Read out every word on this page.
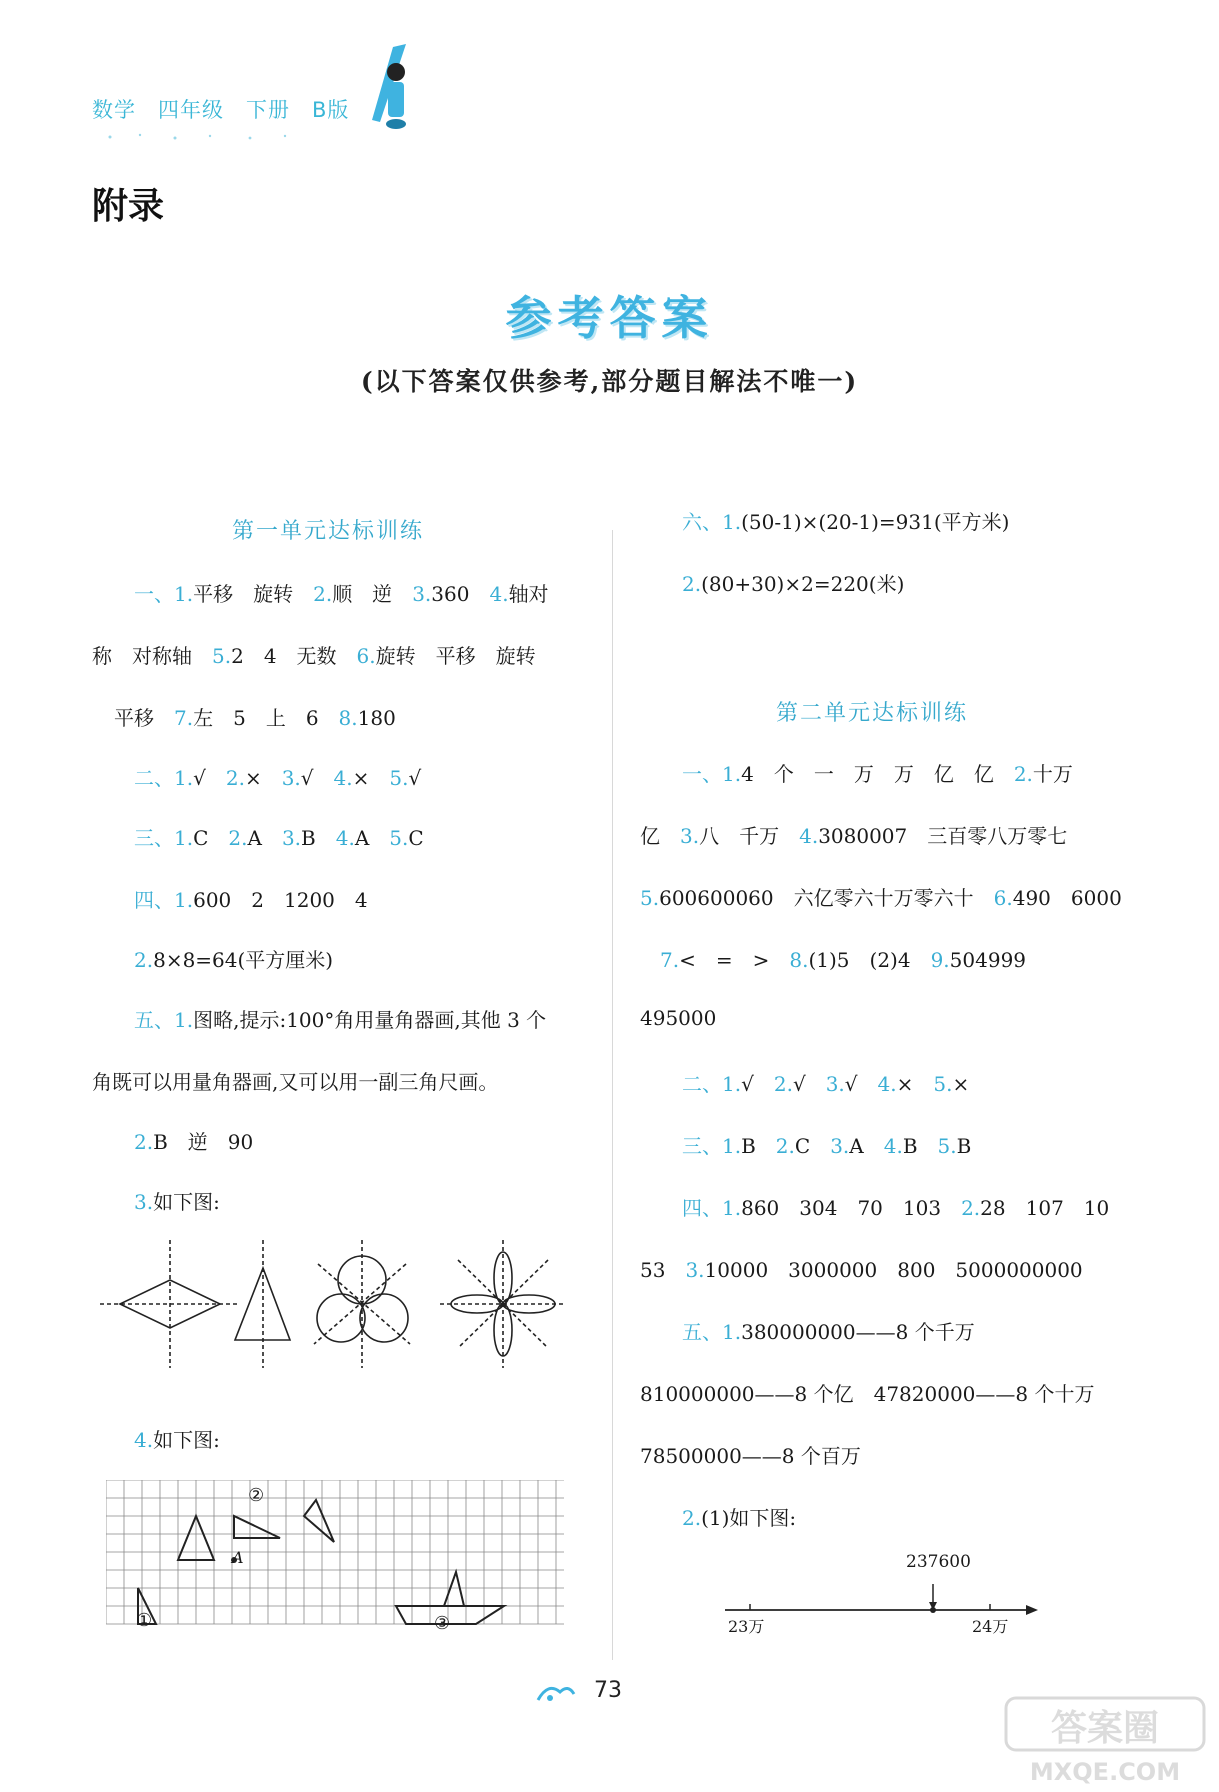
数学 四年级 下册 B版
附录
参考答案
(以下答案仅供参考,部分题目解法不唯一)
第一单元达标训练
一、1.平移　旋转　2.顺　逆　3.360　4.轴对
称　对称轴　5.2　4　无数　6.旋转　平移　旋转
平移　7.左　5　上　6　8.180
二、1.√　2.×　3.√　4.×　5.√
三、1.C　2.A　3.B　4.A　5.C
四、1.600　2　1200　4
2.8×8=64(平方厘米)
五、1.图略,提示:100°角用量角器画,其他 3 个
角既可以用量角器画,又可以用一副三角尺画。
2.B　逆　90
3.如下图:
4.如下图:
②
A
①	③
六、1.(50-1)×(20-1)=931(平方米)
2.(80+30)×2=220(米)
第二单元达标训练
一、1.4　个　一　万　万　亿　亿　2.十万
亿　3.八　千万　4.3080007　三百零八万零七
5.600600060　六亿零六十万零六十　6.490　6000
7.<　=　>　8.(1)5　(2)4　9.504999
495000
二、1.√　2.√　3.√　4.×　5.×
三、1.B　2.C　3.A　4.B　5.B
四、1.860　304　70　103　2.28　107　10
53　3.10000　3000000　800　5000000000
五、1.380000000——8 个千万
810000000——8 个亿　47820000——8 个十万
78500000——8 个百万
2.(1)如下图:
237600
23万	24万
73
答案圈
MXQE.COM
